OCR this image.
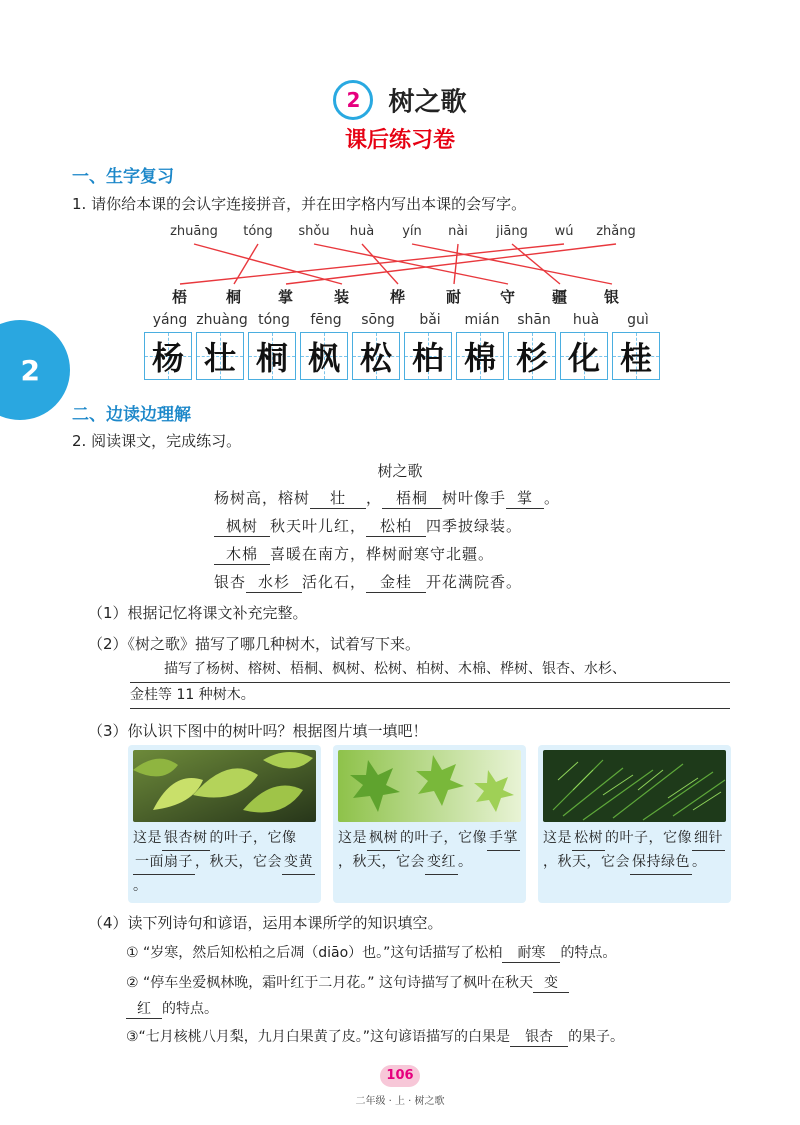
2
2 树之歌
课后练习卷
一、生字复习
1. 请你给本课的会认字连接拼音，并在田字格内写出本课的会写字。
zhuāng	tóng	shǒu	huà	yín	nài	jiāng	wú	zhǎng
梧	桐 掌	装	桦	耐	守 疆 银
yáng zhuàng tóng	fēng	sōng	bǎi	mián	shān	huà	guì
杨 壮 桐 枫 松 柏 棉 杉 化 桂
二、边读边理解
2. 阅读课文，完成练习。
树之歌
杨树高，榕树 壮 ， 梧桐 树叶像手 掌 。
枫树 秋天叶儿红， 松柏 四季披绿装。
木棉 喜暖在南方，桦树耐寒守北疆。
银杏 水杉 活化石， 金桂 开花满院香。
（1）根据记忆将课文补充完整。
（2）《树之歌》描写了哪几种树木，试着写下来。
描写了杨树、榕树、梧桐、枫树、松树、柏树、木棉、桦树、银杏、水杉、
金桂等 11 种树木。
（3）你认识下图中的树叶吗？根据图片填一填吧！
这是 银杏树 的叶子，它像一面扇子 ，秋天，它会 变黄。
这是 枫树 的叶子，它像 手掌，秋天，它会 变红 。
这是 松树 的叶子，它像 细针，秋天，它会 保持绿色 。
（4）读下列诗句和谚语，运用本课所学的知识填空。
① “岁寒，然后知松柏之后凋（diāo）也。”这句话描写了松柏 耐寒 的特点。
② “停车坐爱枫林晚，霜叶红于二月花。” 这句诗描写了枫叶在秋天 变
红 的特点。
③“七月核桃八月梨，九月白果黄了皮。”这句谚语描写的白果是 银杏 的果子。
106
二年级 · 上 · 树之歌
